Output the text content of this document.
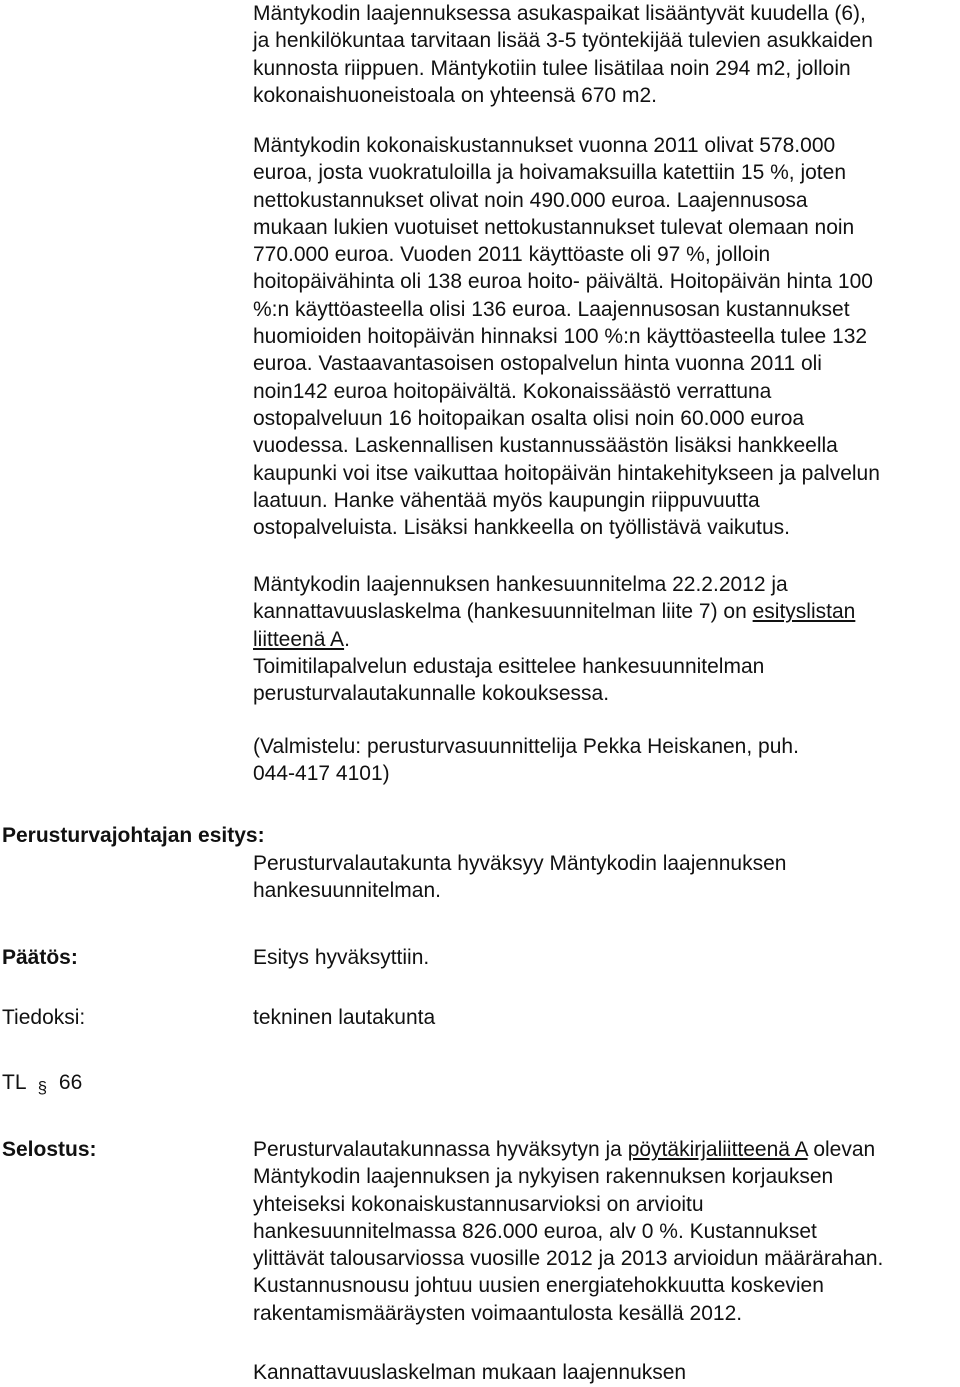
Mäntykodin laajennuksessa asukaspaikat lisääntyvät kuudella (6),
ja henkilökuntaa tarvitaan lisää 3-5 työntekijää tulevien asukkaiden
kunnosta riippuen. Mäntykotiin tulee lisätilaa noin 294 m2, jolloin
kokonaishuoneistoala on yhteensä 670 m2.
Mäntykodin kokonaiskustannukset vuonna 2011 olivat 578.000
euroa, josta vuokratuloilla ja hoivamaksuilla katettiin 15 %, joten
nettokustannukset olivat noin 490.000 euroa. Laajennusosa
mukaan lukien vuotuiset nettokustannukset tulevat olemaan noin
770.000 euroa. Vuoden 2011 käyttöaste oli 97 %, jolloin
hoitopäivähinta oli 138 euroa hoito- päivältä. Hoitopäivän hinta 100
%:n käyttöasteella olisi 136 euroa. Laajennusosan kustannukset
huomioiden hoitopäivän hinnaksi 100 %:n käyttöasteella tulee 132
euroa. Vastaavantasoisen ostopalvelun hinta vuonna 2011 oli
noin142 euroa hoitopäivältä. Kokonaissäästö verrattuna
ostopalveluun 16 hoitopaikan osalta olisi noin 60.000 euroa
vuodessa. Laskennallisen kustannussäästön lisäksi hankkeella
kaupunki voi itse vaikuttaa hoitopäivän hintakehitykseen ja palvelun
laatuun. Hanke vähentää myös kaupungin riippuvuutta
ostopalveluista. Lisäksi hankkeella on työllistävä vaikutus.
Mäntykodin laajennuksen hankesuunnitelma 22.2.2012 ja
kannattavuuslaskelma (hankesuunnitelman liite 7) on esityslistan
liitteenä A.
Toimitilapalvelun edustaja esittelee hankesuunnitelman
perusturvalautakunnalle kokouksessa.
(Valmistelu: perusturvasuunnittelija Pekka Heiskanen, puh.
044-417 4101)
Perusturvajohtajan esitys:
Perusturvalautakunta hyväksyy Mäntykodin laajennuksen
hankesuunnitelman.
Päätös:	Esitys hyväksyttiin.
Tiedoksi:	tekninen lautakunta
TL § 66
Selostus:	Perusturvalautakunnassa hyväksytyn ja pöytäkirjaliitteenä A olevan
Mäntykodin laajennuksen ja nykyisen rakennuksen korjauksen
yhteiseksi kokonaiskustannusarvioksi on arvioitu
hankesuunnitelmassa 826.000 euroa, alv 0 %. Kustannukset
ylittävät talousarviossa vuosille 2012 ja 2013 arvioidun määrärahan.
Kustannusnousu johtuu uusien energiatehokkuutta koskevien
rakentamismääräysten voimaantulosta kesällä 2012.
Kannattavuuslaskelman mukaan laajennuksen
